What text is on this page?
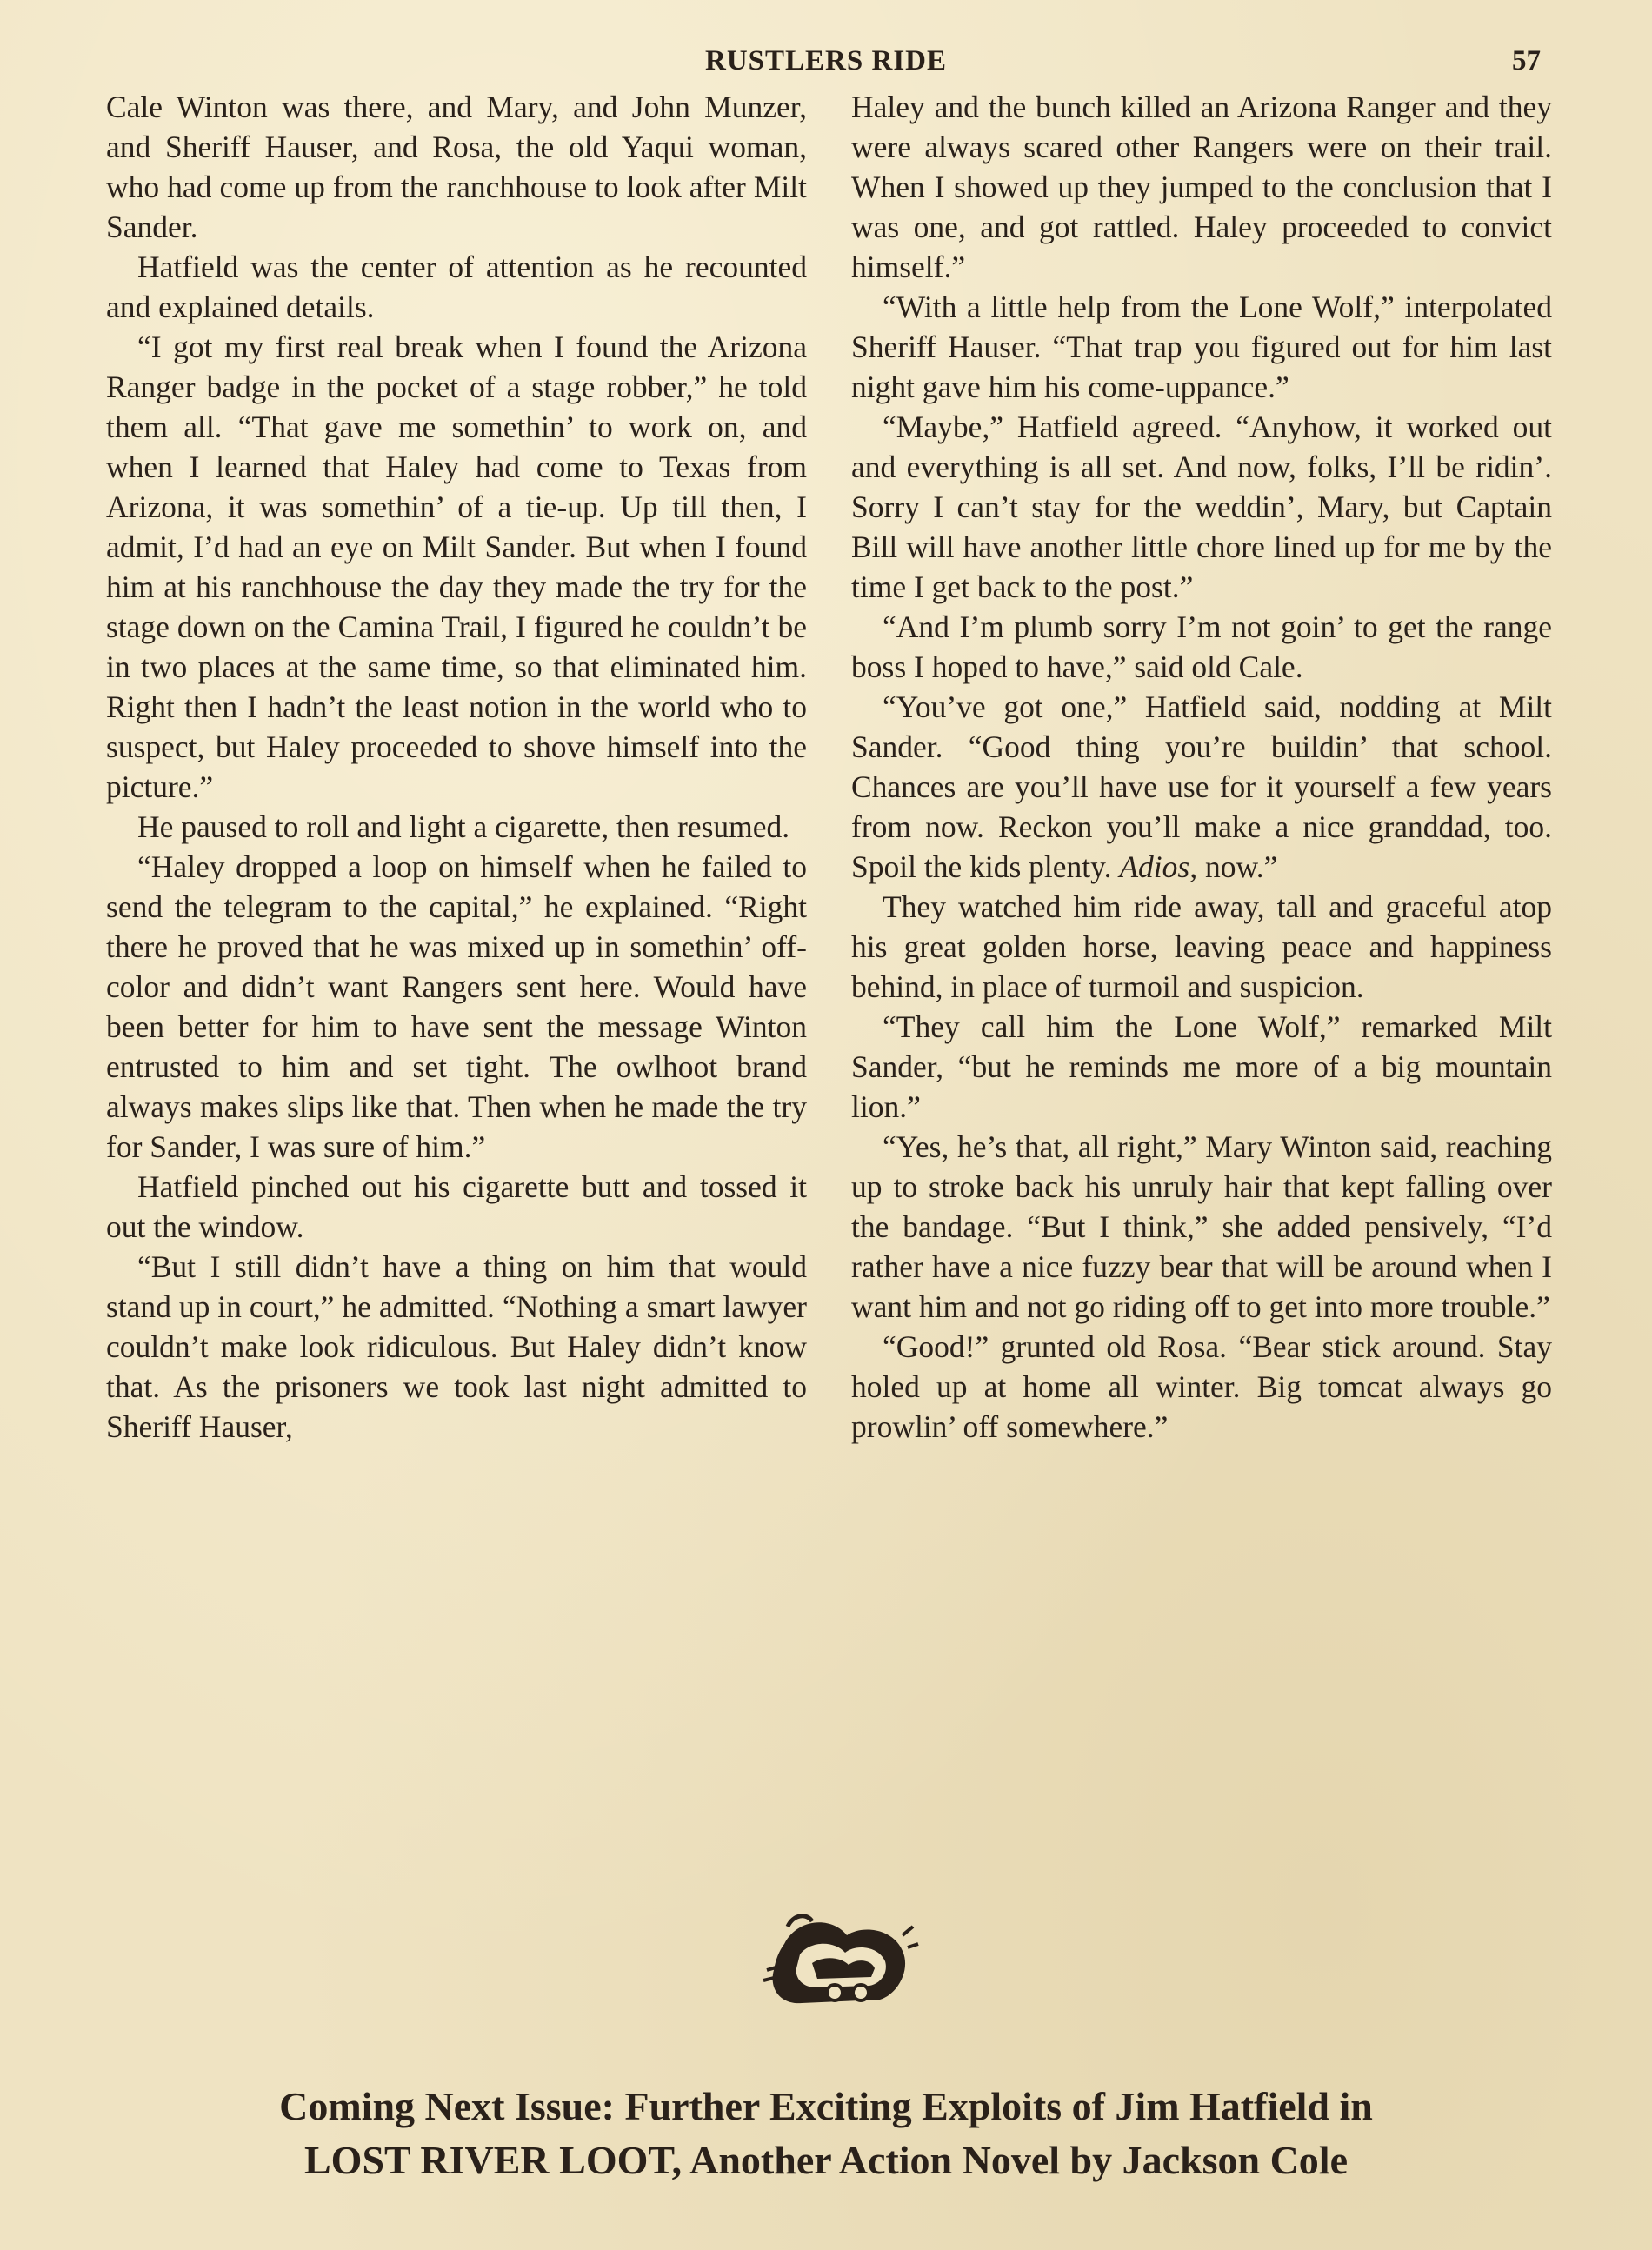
RUSTLERS RIDE	57

Cale Winton was there, and Mary, and John Munzer, and Sheriff Hauser, and Rosa, the old Yaqui woman, who had come up from the ranchhouse to look after Milt Sander.

Hatfield was the center of attention as he recounted and explained details.

“I got my first real break when I found the Arizona Ranger badge in the pocket of a stage robber,” he told them all. “That gave me somethin’ to work on, and when I learned that Haley had come to Texas from Arizona, it was somethin’ of a tie-up. Up till then, I admit, I’d had an eye on Milt Sander. But when I found him at his ranchhouse the day they made the try for the stage down on the Camina Trail, I figured he couldn’t be in two places at the same time, so that eliminated him. Right then I hadn’t the least notion in the world who to suspect, but Haley proceeded to shove himself into the picture.”

He paused to roll and light a cigarette, then resumed.

“Haley dropped a loop on himself when he failed to send the telegram to the capital,” he explained. “Right there he proved that he was mixed up in somethin’ off-color and didn’t want Rangers sent here. Would have been better for him to have sent the message Winton entrusted to him and set tight. The owlhoot brand always makes slips like that. Then when he made the try for Sander, I was sure of him.”

Hatfield pinched out his cigarette butt and tossed it out the window.

“But I still didn’t have a thing on him that would stand up in court,” he admitted. “Nothing a smart lawyer couldn’t make look ridiculous. But Haley didn’t know that. As the prisoners we took last night admitted to Sheriff Hauser,

Haley and the bunch killed an Arizona Ranger and they were always scared other Rangers were on their trail. When I showed up they jumped to the conclusion that I was one, and got rattled. Haley proceeded to convict himself.”

“With a little help from the Lone Wolf,” interpolated Sheriff Hauser. “That trap you figured out for him last night gave him his come-uppance.”

“Maybe,” Hatfield agreed. “Anyhow, it worked out and everything is all set. And now, folks, I’ll be ridin’. Sorry I can’t stay for the weddin’, Mary, but Captain Bill will have another little chore lined up for me by the time I get back to the post.”

“And I’m plumb sorry I’m not goin’ to get the range boss I hoped to have,” said old Cale.

“You’ve got one,” Hatfield said, nodding at Milt Sander. “Good thing you’re buildin’ that school. Chances are you’ll have use for it yourself a few years from now. Reckon you’ll make a nice granddad, too. Spoil the kids plenty. Adios, now.”

They watched him ride away, tall and graceful atop his great golden horse, leaving peace and happiness behind, in place of turmoil and suspicion.

“They call him the Lone Wolf,” remarked Milt Sander, “but he reminds me more of a big mountain lion.”

“Yes, he’s that, all right,” Mary Winton said, reaching up to stroke back his unruly hair that kept falling over the bandage. “But I think,” she added pensively, “I’d rather have a nice fuzzy bear that will be around when I want him and not go riding off to get into more trouble.”

“Good!” grunted old Rosa. “Bear stick around. Stay holed up at home all winter. Big tomcat always go prowlin’ off somewhere.”

Coming Next Issue: Further Exciting Exploits of Jim Hatfield in
LOST RIVER LOOT, Another Action Novel by Jackson Cole
